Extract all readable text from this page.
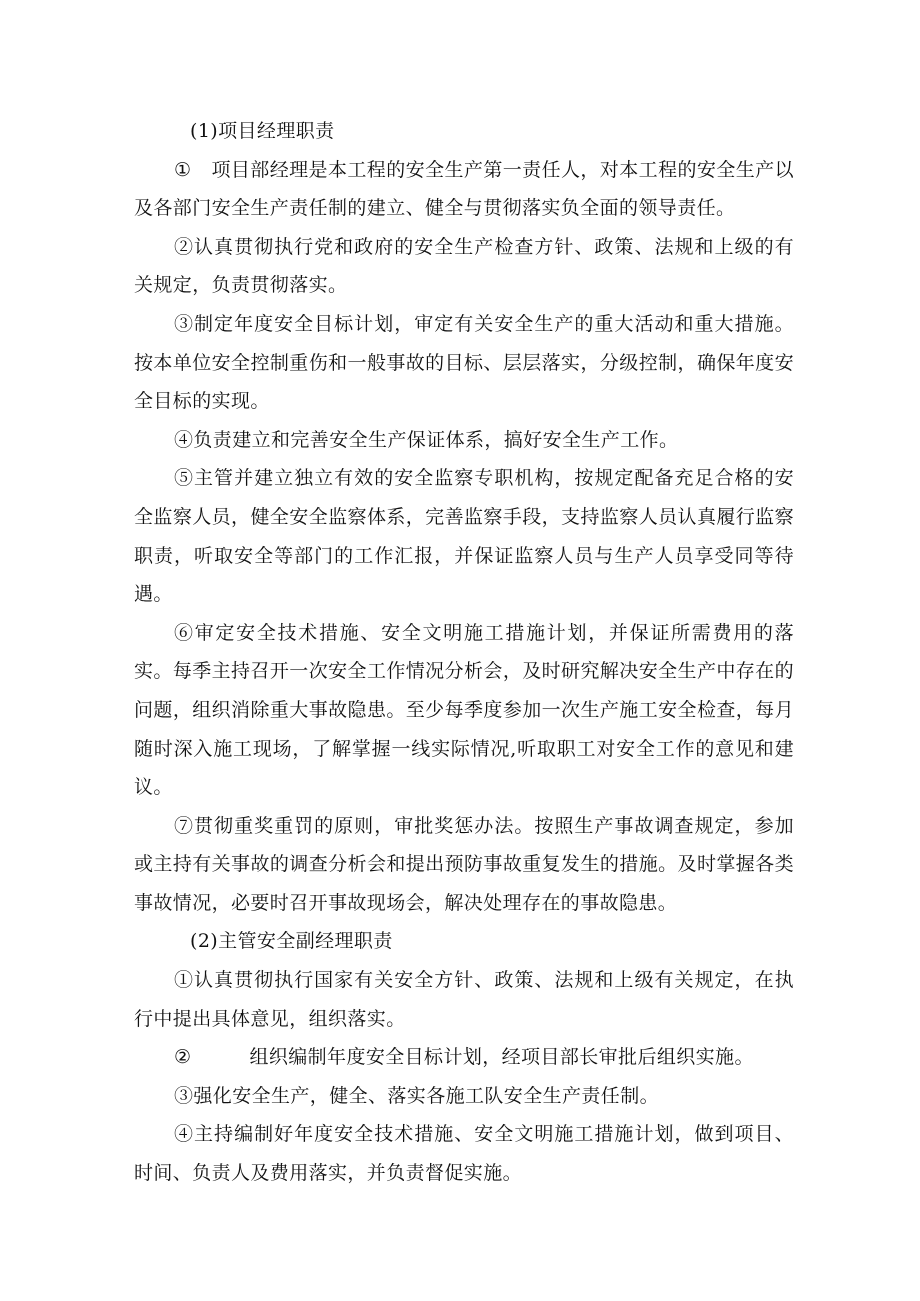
(1)项目经理职责

① 项目部经理是本工程的安全生产第一责任人，对本工程的安全生产以及各部门安全生产责任制的建立、健全与贯彻落实负全面的领导责任。

②认真贯彻执行党和政府的安全生产检查方针、政策、法规和上级的有关规定，负责贯彻落实。

③制定年度安全目标计划，审定有关安全生产的重大活动和重大措施。按本单位安全控制重伤和一般事故的目标、层层落实，分级控制，确保年度安全目标的实现。

④负责建立和完善安全生产保证体系，搞好安全生产工作。

⑤主管并建立独立有效的安全监察专职机构，按规定配备充足合格的安全监察人员，健全安全监察体系，完善监察手段，支持监察人员认真履行监察职责，听取安全等部门的工作汇报，并保证监察人员与生产人员享受同等待遇。

⑥审定安全技术措施、安全文明施工措施计划，并保证所需费用的落实。每季主持召开一次安全工作情况分析会，及时研究解决安全生产中存在的问题，组织消除重大事故隐患。至少每季度参加一次生产施工安全检查，每月随时深入施工现场，了解掌握一线实际情况,听取职工对安全工作的意见和建议。

⑦贯彻重奖重罚的原则，审批奖惩办法。按照生产事故调查规定，参加或主持有关事故的调查分析会和提出预防事故重复发生的措施。及时掌握各类事故情况，必要时召开事故现场会，解决处理存在的事故隐患。

(2)主管安全副经理职责

①认真贯彻执行国家有关安全方针、政策、法规和上级有关规定，在执行中提出具体意见，组织落实。

②	组织编制年度安全目标计划，经项目部长审批后组织实施。

③强化安全生产，健全、落实各施工队安全生产责任制。

④主持编制好年度安全技术措施、安全文明施工措施计划，做到项目、时间、负责人及费用落实，并负责督促实施。
